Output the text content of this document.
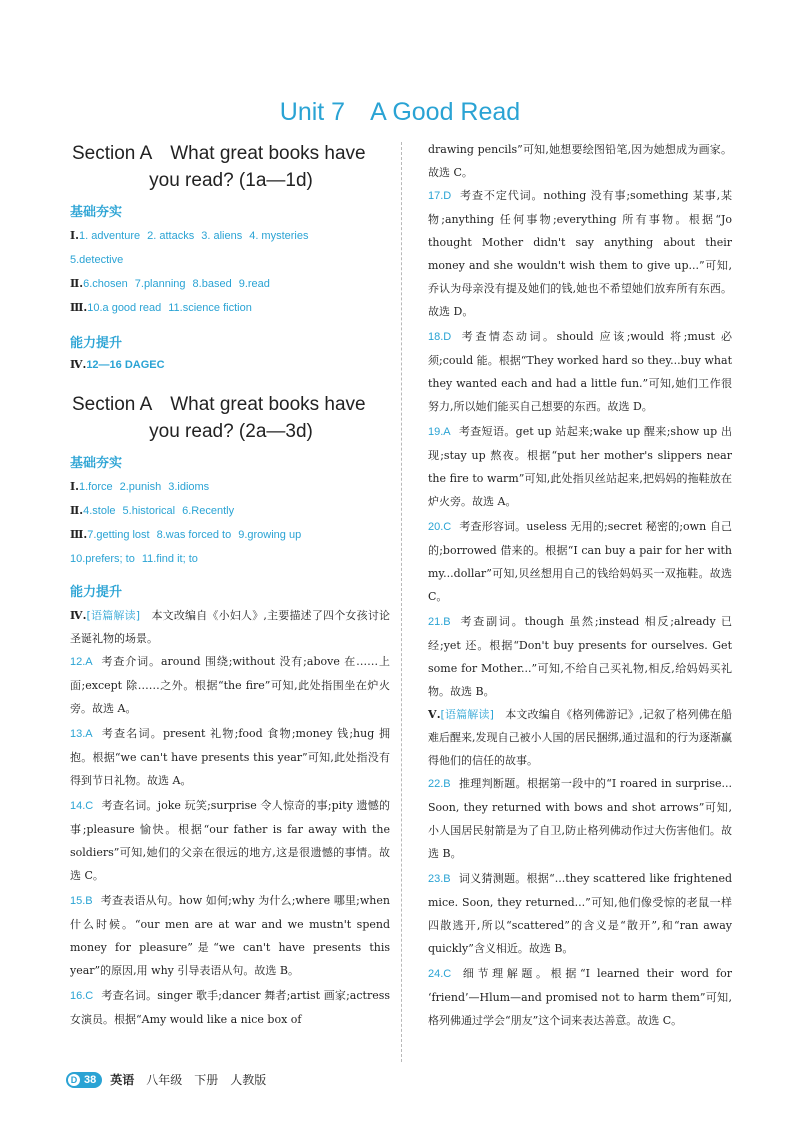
Unit 7　A Good Read
Section A　What great books have
you read? (1a—1d)
基础夯实
Ⅰ.1. adventure 2. attacks 3. aliens 4. mysteries
5.detective
Ⅱ.6.chosen 7.planning 8.based 9.read
Ⅲ.10.a good read 11.science fiction
能力提升
Ⅳ.12—16 DAGEC
Section A　What great books have
you read? (2a—3d)
基础夯实
Ⅰ.1.force 2.punish 3.idioms
Ⅱ.4.stole 5.historical 6.Recently
Ⅲ.7.getting lost 8.was forced to 9.growing up
10.prefers; to 11.find it; to
能力提升

Ⅳ.[语篇解读]　本文改编自《小妇人》,主要描述了四个女孩讨论圣诞礼物的场景。

12.A 考查介词。around 围绕;without 没有;above 在……上面;except 除……之外。根据“the fire”可知,此处指围坐在炉火旁。故选 A。

13.A 考查名词。present 礼物;food 食物;money 钱;hug 拥抱。根据“we can't have presents this year”可知,此处指没有得到节日礼物。故选 A。

14.C 考查名词。joke 玩笑;surprise 令人惊奇的事;pity 遗憾的事;pleasure 愉快。根据“our father is far away with the soldiers”可知,她们的父亲在很远的地方,这是很遗憾的事情。故选 C。

15.B 考查表语从句。how 如何;why 为什么;where 哪里;when 什么时候。“our men are at war and we mustn't spend money for pleasure”是“we can't have presents this year”的原因,用 why 引导表语从句。故选 B。

16.C 考查名词。singer 歌手;dancer 舞者;artist 画家;actress 女演员。根据“Amy would like a nice box of

drawing pencils”可知,她想要绘图铅笔,因为她想成为画家。故选 C。

17.D 考查不定代词。nothing 没有事;something 某事,某物;anything 任何事物;everything 所有事物。根据“Jo thought Mother didn't say anything about their money and she wouldn't wish them to give up...”可知,乔认为母亲没有提及她们的钱,她也不希望她们放弃所有东西。故选 D。

18.D 考查情态动词。should 应该;would 将;must 必须;could 能。根据“They worked hard so they...buy what they wanted each and had a little fun.”可知,她们工作很努力,所以她们能买自己想要的东西。故选 D。

19.A 考查短语。get up 站起来;wake up 醒来;show up 出现;stay up 熬夜。根据“put her mother's slippers near the fire to warm”可知,此处指贝丝站起来,把妈妈的拖鞋放在炉火旁。故选 A。

20.C 考查形容词。useless 无用的;secret 秘密的;own 自己的;borrowed 借来的。根据“I can buy a pair for her with my...dollar”可知,贝丝想用自己的钱给妈妈买一双拖鞋。故选 C。

21.B 考查副词。though 虽然;instead 相反;already 已经;yet 还。根据“Don't buy presents for ourselves. Get some for Mother...”可知,不给自己买礼物,相反,给妈妈买礼物。故选 B。

Ⅴ.[语篇解读]　本文改编自《格列佛游记》,记叙了格列佛在船难后醒来,发现自己被小人国的居民捆绑,通过温和的行为逐渐赢得他们的信任的故事。

22.B 推理判断题。根据第一段中的“I roared in surprise... Soon, they returned with bows and shot arrows”可知,小人国居民射箭是为了自卫,防止格列佛动作过大伤害他们。故选 B。

23.B 词义猜测题。根据“...they scattered like frightened mice. Soon, they returned...”可知,他们像受惊的老鼠一样四散逃开,所以“scattered”的含义是“散开”,和“ran away quickly”含义相近。故选 B。

24.C 细节理解题。根据“I learned their word for ‘friend’—Hlum—and promised not to harm them”可知,格列佛通过学会“朋友”这个词来表达善意。故选 C。

D 38 英语 八年级 下册 人教版
